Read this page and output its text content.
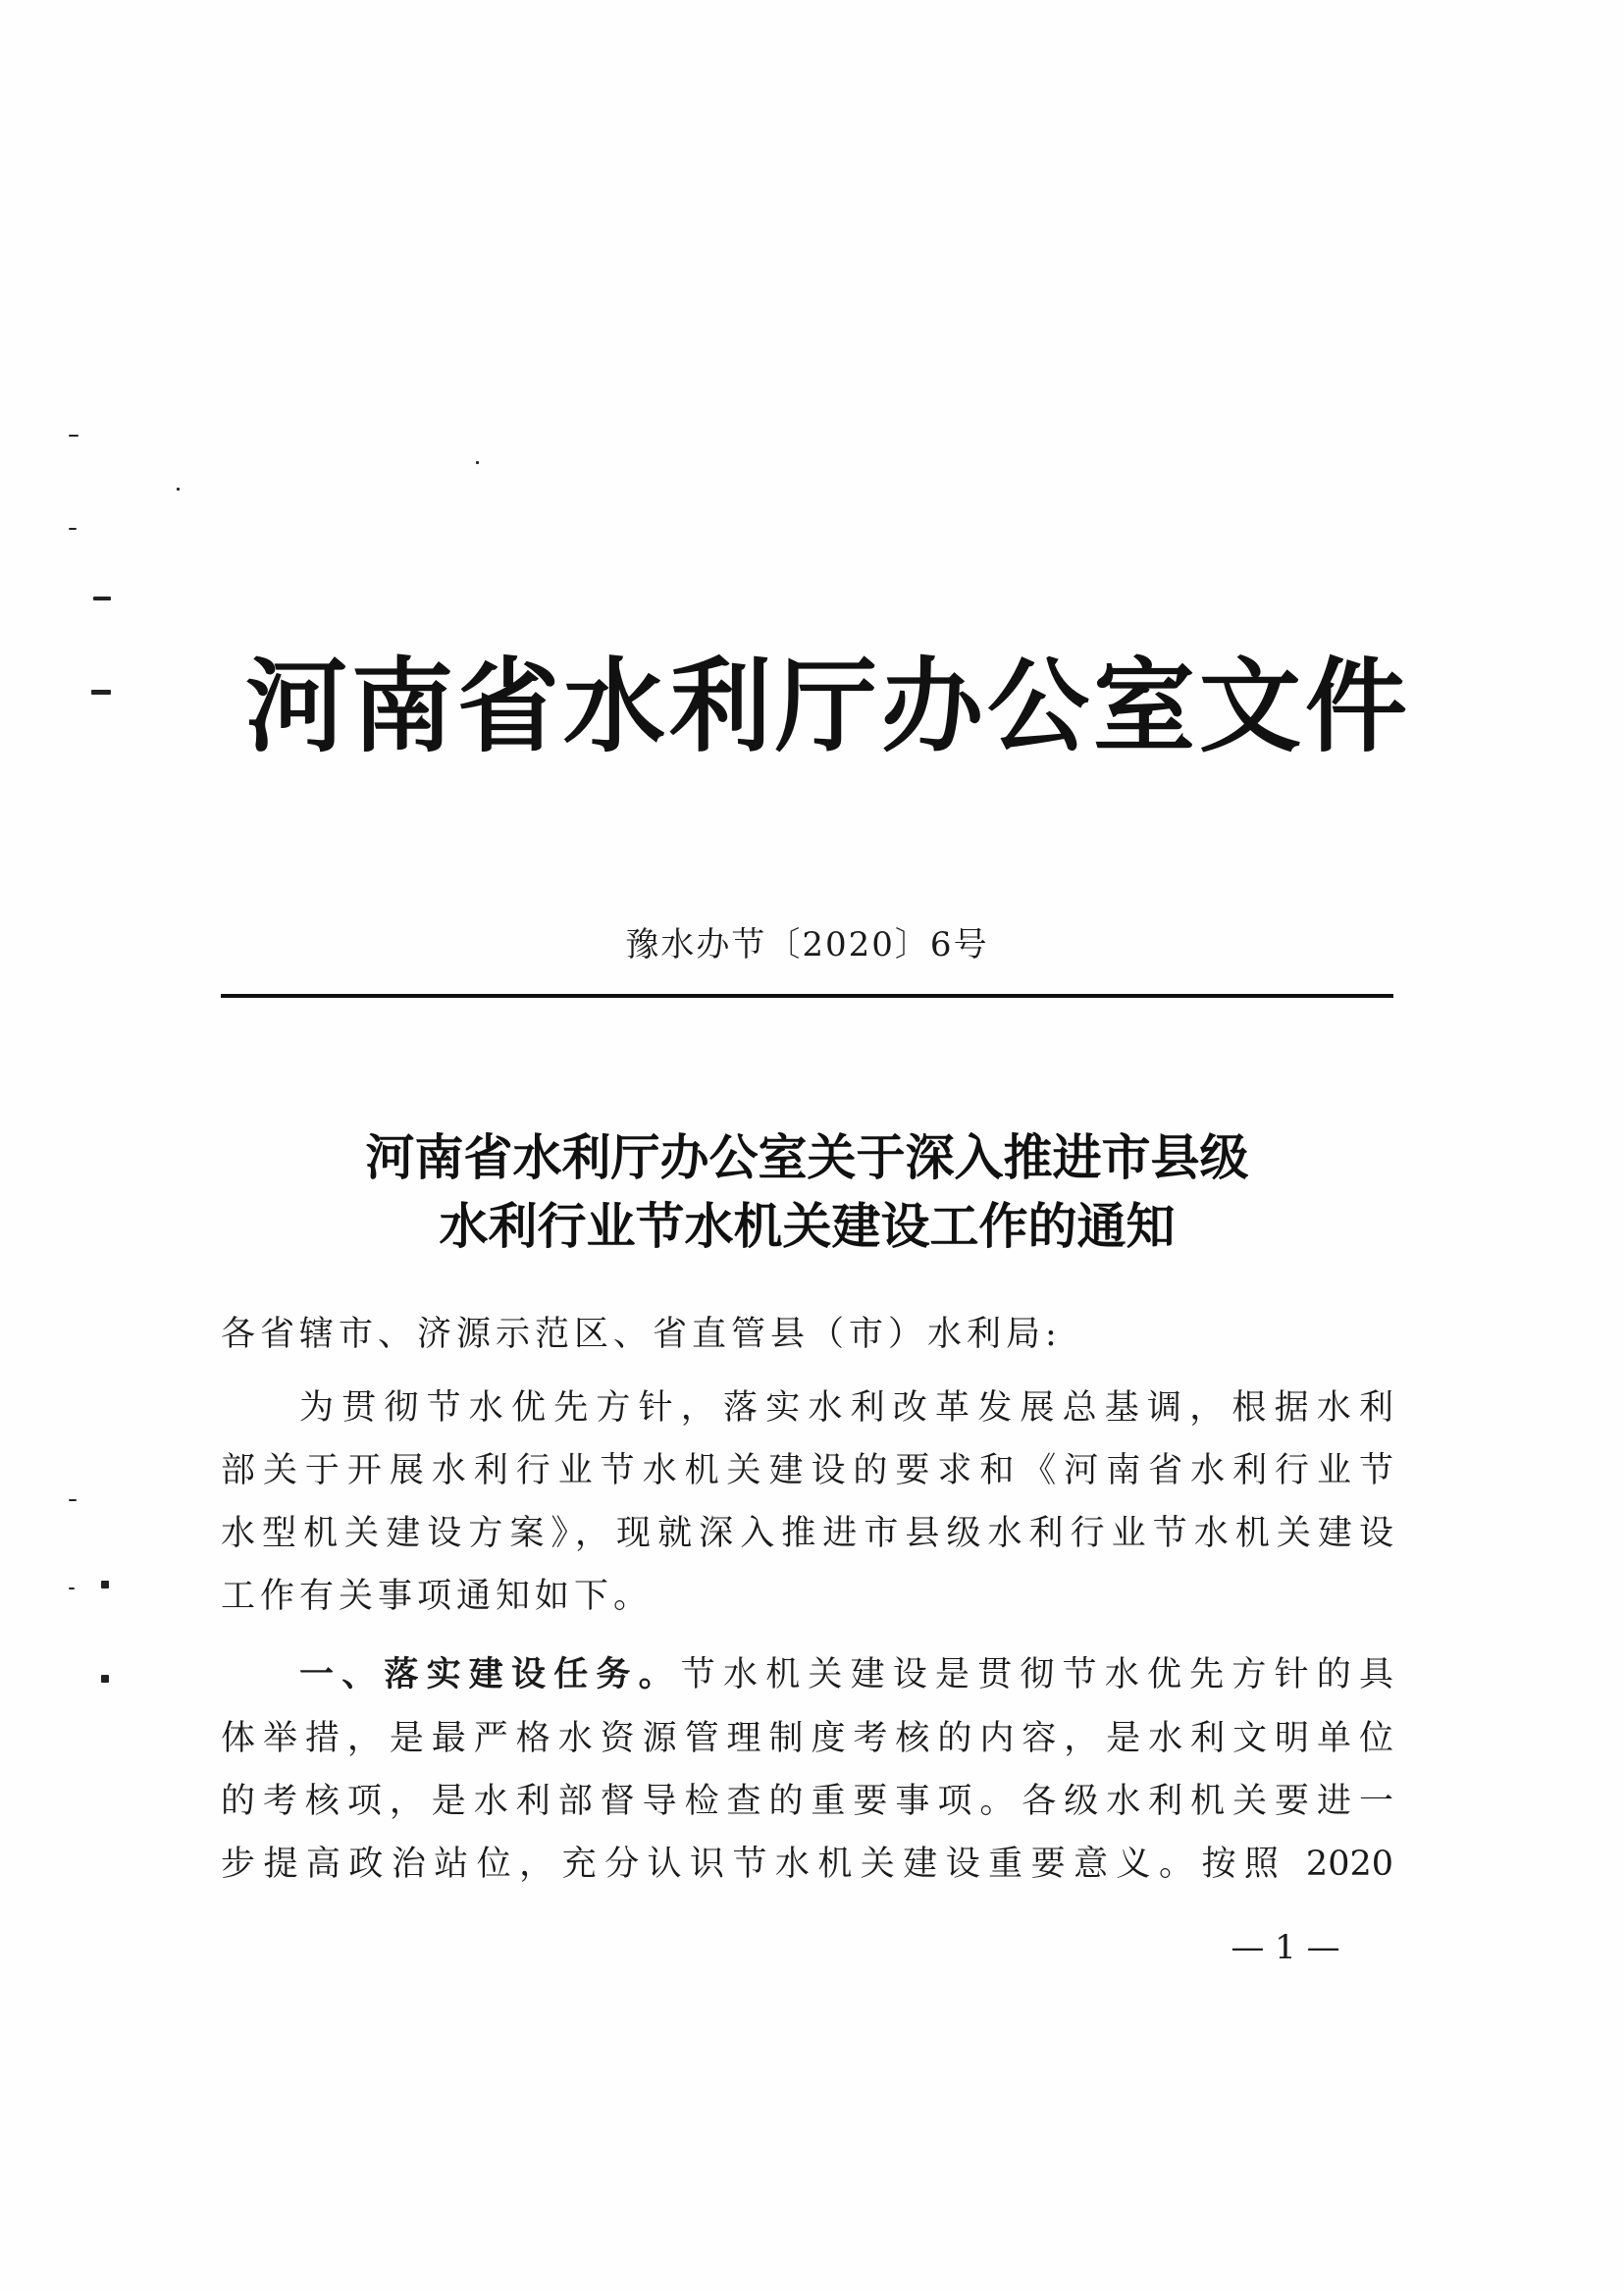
河南省水利厅办公室文件
豫水办节〔2020〕6号
河南省水利厅办公室关于深入推进市县级
水利行业节水机关建设工作的通知
各省辖市、济源示范区、省直管县（市）水利局:
为贯彻节水优先方针，落实水利改革发展总基调，根据水利
部关于开展水利行业节水机关建设的要求和《河南省水利行业节
水型机关建设方案》，现就深入推进市县级水利行业节水机关建设
工作有关事项通知如下。
一、落实建设任务。节水机关建设是贯彻节水优先方针的具
体举措，是最严格水资源管理制度考核的内容，是水利文明单位
的考核项，是水利部督导检查的重要事项。各级水利机关要进一
步提高政治站位，充分认识节水机关建设重要意义。按照 2020
— 1 —
